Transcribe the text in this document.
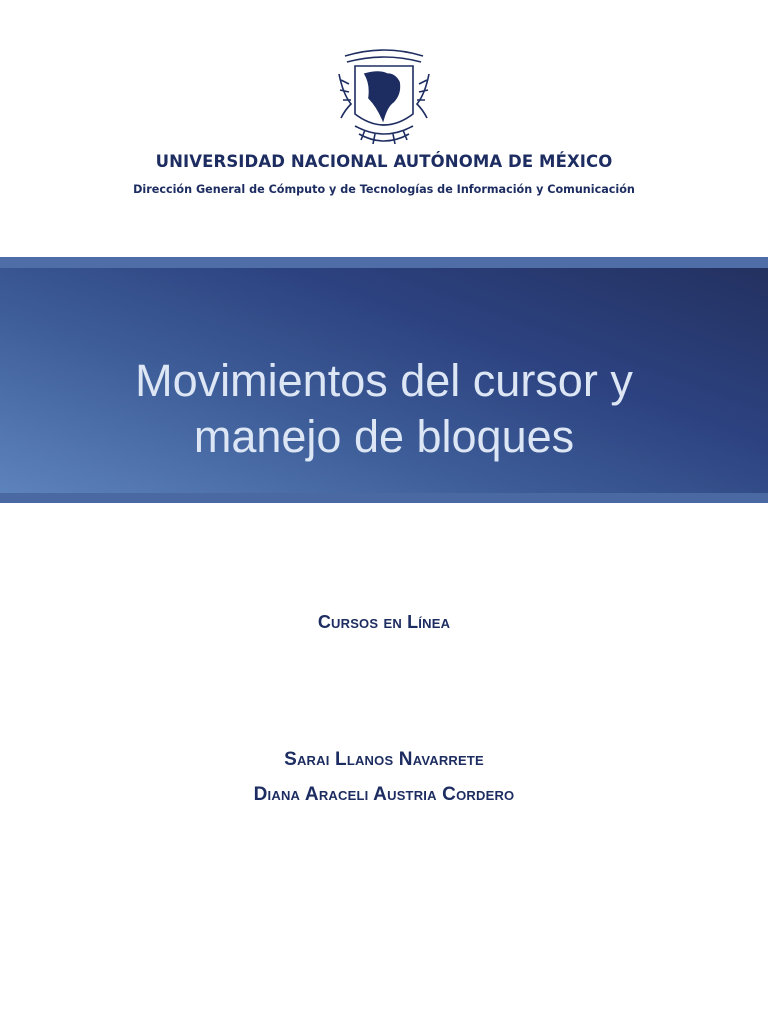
UNIVERSIDAD NACIONAL AUTÓNOMA DE MÉXICO
Dirección General de Cómputo y de Tecnologías de Información y Comunicación
Movimientos del cursor y
manejo de bloques
Cursos en Línea
Sarai Llanos Navarrete
Diana Araceli Austria Cordero
